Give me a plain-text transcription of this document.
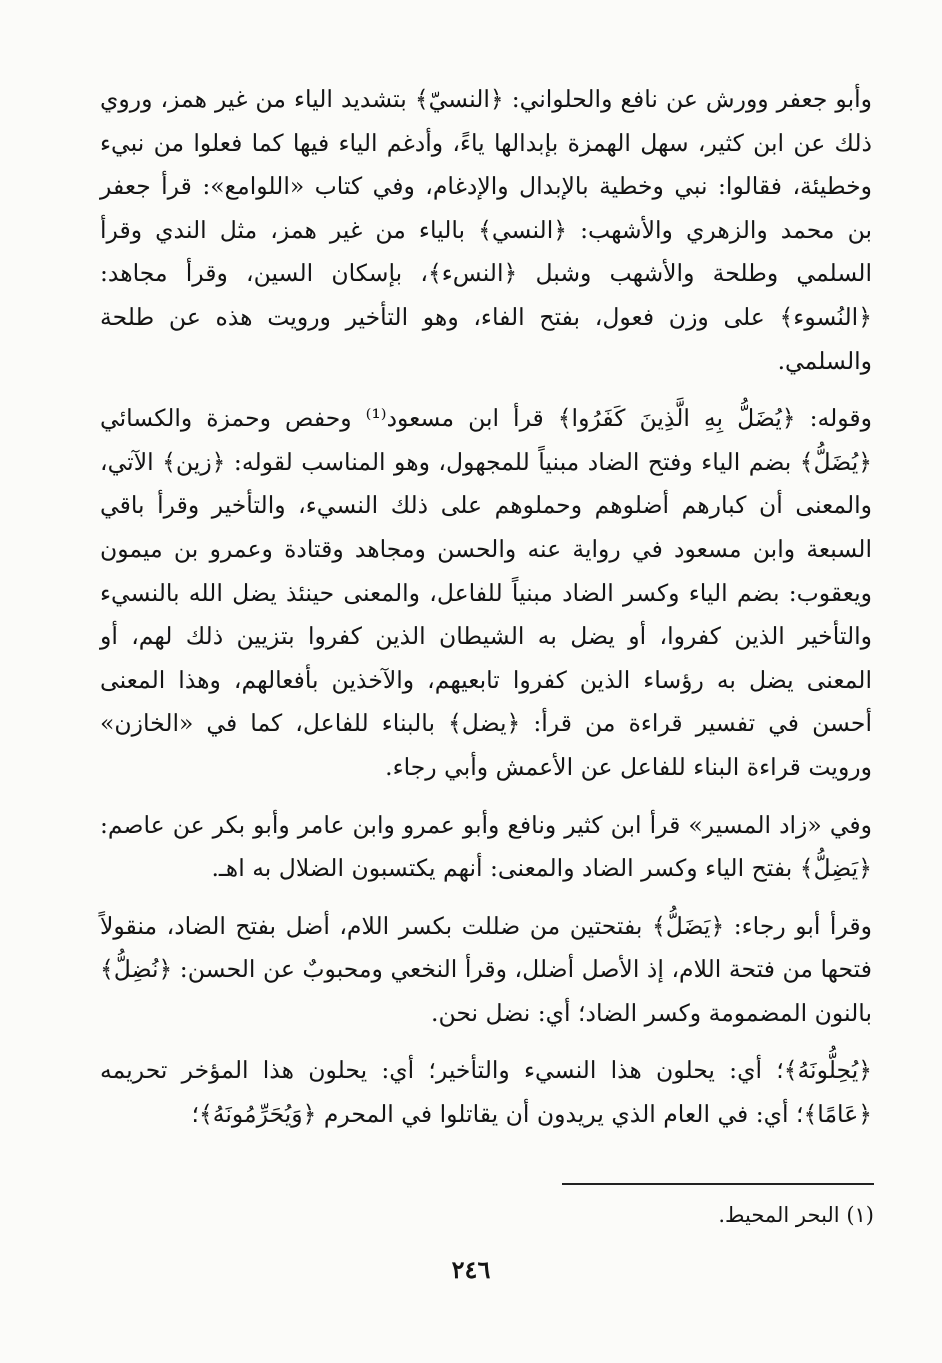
وأبو جعفر وورش عن نافع والحلواني: ﴿النسيّ﴾ بتشديد الياء من غير همز، وروي ذلك عن ابن كثير، سهل الهمزة بإبدالها ياءً، وأدغم الياء فيها كما فعلوا من نبيء وخطيئة، فقالوا: نبي وخطية بالإبدال والإدغام، وفي كتاب «اللوامع»: قرأ جعفر بن محمد والزهري والأشهب: ﴿النسي﴾ بالياء من غير همز، مثل الندي وقرأ السلمي وطلحة والأشهب وشبل ﴿النسء﴾، بإسكان السين، وقرأ مجاهد: ﴿النُسوء﴾ على وزن فعول، بفتح الفاء، وهو التأخير ورويت هذه عن طلحة والسلمي.

وقوله: ﴿يُضَلُّ بِهِ الَّذِينَ كَفَرُوا﴾ قرأ ابن مسعود⁽¹⁾ وحفص وحمزة والكسائي ﴿يُضَلُّ﴾ بضم الياء وفتح الضاد مبنياً للمجهول، وهو المناسب لقوله: ﴿زين﴾ الآتي، والمعنى أن كبارهم أضلوهم وحملوهم على ذلك النسيء، والتأخير وقرأ باقي السبعة وابن مسعود في رواية عنه والحسن ومجاهد وقتادة وعمرو بن ميمون ويعقوب: بضم الياء وكسر الضاد مبنياً للفاعل، والمعنى حينئذ يضل الله بالنسيء والتأخير الذين كفروا، أو يضل به الشيطان الذين كفروا بتزيين ذلك لهم، أو المعنى يضل به رؤساء الذين كفروا تابعيهم، والآخذين بأفعالهم، وهذا المعنى أحسن في تفسير قراءة من قرأ: ﴿يضل﴾ بالبناء للفاعل، كما في «الخازن» ورويت قراءة البناء للفاعل عن الأعمش وأبي رجاء.

وفي «زاد المسير» قرأ ابن كثير ونافع وأبو عمرو وابن عامر وأبو بكر عن عاصم: ﴿يَضِلُّ﴾ بفتح الياء وكسر الضاد والمعنى: أنهم يكتسبون الضلال به اهـ.

وقرأ أبو رجاء: ﴿يَضَلُّ﴾ بفتحتين من ضللت بكسر اللام، أضل بفتح الضاد، منقولاً فتحها من فتحة اللام، إذ الأصل أضلل، وقرأ النخعي ومحبوبٌ عن الحسن: ﴿نُضِلُّ﴾ بالنون المضمومة وكسر الضاد؛ أي: نضل نحن.

﴿يُحِلُّونَهُ﴾؛ أي: يحلون هذا النسيء والتأخير؛ أي: يحلون هذا المؤخر تحريمه ﴿عَامًا﴾؛ أي: في العام الذي يريدون أن يقاتلوا في المحرم ﴿وَيُحَرِّمُونَهُ﴾؛

(١) البحر المحيط.
٢٤٦
